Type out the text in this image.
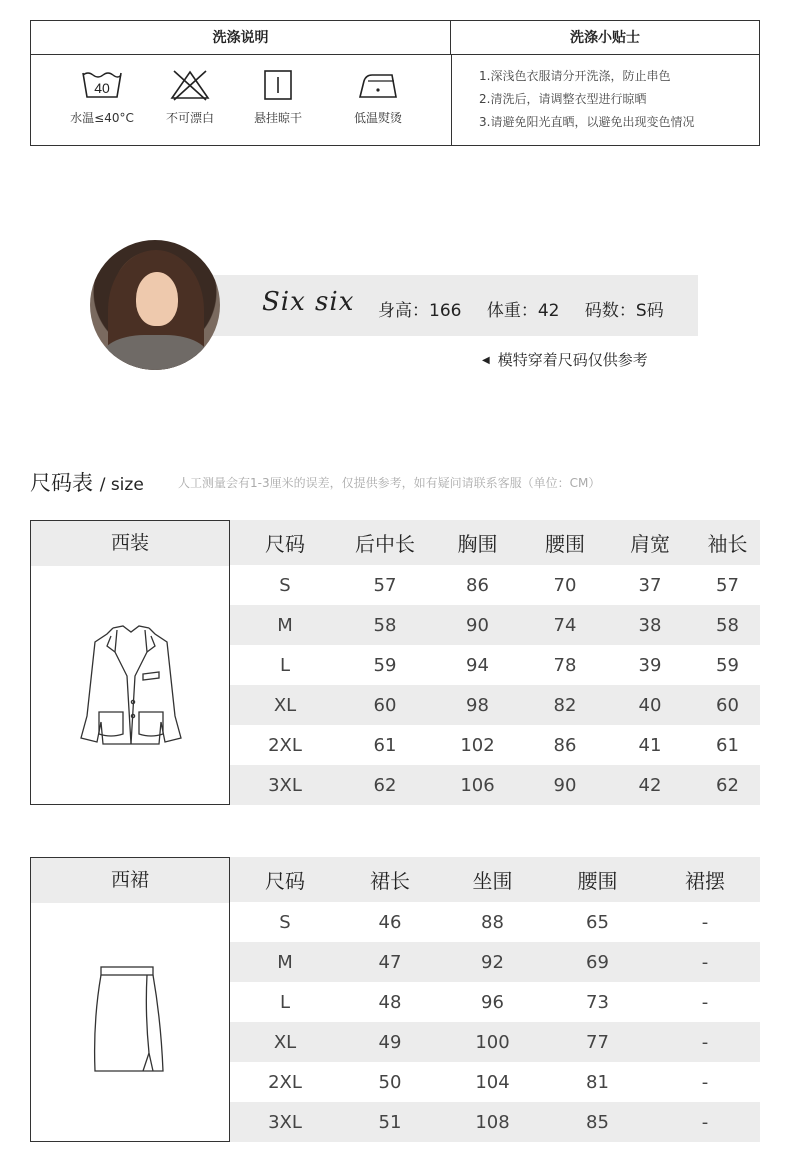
洗涤说明	洗涤小贴士
40
水温≤40°C	不可漂白	悬挂晾干	低温熨烫
1.深浅色衣服请分开洗涤，防止串色
2.清洗后，请调整衣型进行晾晒
3.请避免阳光直晒，以避免出现变色情况
Six six 身高：166 体重：42 码数：S码
◀ 模特穿着尺码仅供参考
尺码表 / size	人工测量会有1-3厘米的误差，仅提供参考，如有疑问请联系客服（单位：CM）
西装	尺码	后中长	胸围	腰围	肩宽	袖长
S	57	86	70	37	57
M	58	90	74	38	58
L	59	94	78	39	59
XL	60	98	82	40	60
2XL	61	102	86	41	61
3XL	62	106	90	42	62
西裙	尺码	裙长	坐围	腰围	裙摆
S	46	88	65	-
M	47	92	69	-
L	48	96	73	-
XL	49	100	77	-
2XL	50	104	81	-
3XL	51	108	85	-
